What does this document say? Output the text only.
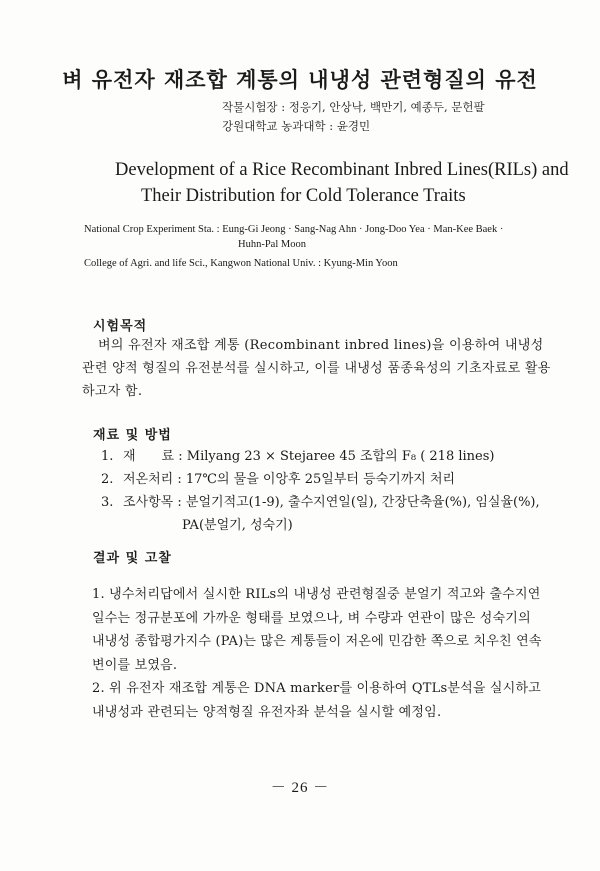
벼 유전자 재조합 계통의 내냉성 관련형질의 유전
작물시험장 : 정응기, 안상낙, 백만기, 예종두, 문헌팔
강원대학교 농과대학 : 윤경민
Development of a Rice Recombinant Inbred Lines(RILs) and
Their Distribution for Cold Tolerance Traits
National Crop Experiment Sta. : Eung-Gi Jeong · Sang-Nag Ahn · Jong-Doo Yea · Man-Kee Baek ·
Huhn-Pal Moon
College of Agri. and life Sci., Kangwon National Univ. : Kyung-Min Yoon
시험목적
벼의 유전자 재조합 계통 (Recombinant inbred lines)을 이용하여 내냉성관련 양적 형질의 유전분석를 실시하고, 이를 내냉성 품종육성의 기초자료로 활용하고자 함.
재료 및 방법
1. 재　　료 : Milyang 23 × Stejaree 45 조합의 F₈ ( 218 lines)
2. 저온처리 : 17℃의 물을 이앙후 25일부터 등숙기까지 처리
3. 조사항목 : 분얼기적고(1-9), 출수지연일(일), 간장단축율(%), 임실율(%),
PA(분얼기, 성숙기)
결과 및 고찰

1. 냉수처리답에서 실시한 RILs의 내냉성 관련형질중 분얼기 적고와 출수지연일수는 정규분포에 가까운 형태를 보였으나, 벼 수량과 연관이 많은 성숙기의 내냉성 종합평가지수 (PA)는 많은 계통들이 저온에 민감한 쪽으로 치우친 연속변이를 보였음.

2. 위 유전자 재조합 계통은 DNA marker를 이용하여 QTLs분석을 실시하고 내냉성과 관련되는 양적형질 유전자좌 분석을 실시할 예정임.

－ 26 －
